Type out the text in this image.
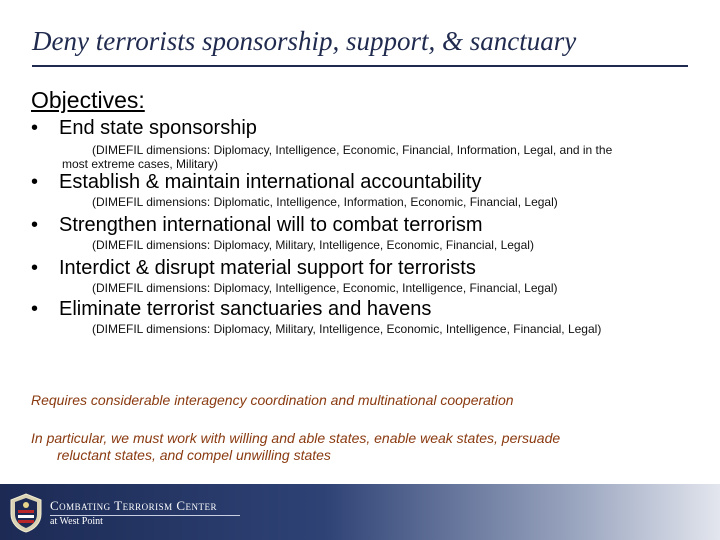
Deny terrorists sponsorship, support, & sanctuary
Objectives:
• End state sponsorship
(DIMEFIL dimensions: Diplomacy, Intelligence, Economic, Financial, Information, Legal, and in the
most extreme cases, Military)
• Establish & maintain international accountability
(DIMEFIL dimensions: Diplomatic, Intelligence, Information, Economic, Financial, Legal)
• Strengthen international will to combat terrorism
(DIMEFIL dimensions: Diplomacy, Military, Intelligence, Economic, Financial, Legal)
• Interdict & disrupt material support for terrorists
(DIMEFIL dimensions: Diplomacy, Intelligence, Economic, Intelligence, Financial, Legal)
• Eliminate terrorist sanctuaries and havens
(DIMEFIL dimensions: Diplomacy, Military, Intelligence, Economic, Intelligence, Financial, Legal)
Requires considerable interagency coordination and multinational cooperation
In particular, we must work with willing and able states, enable weak states, persuade
reluctant states, and compel unwilling states
Combating Terrorism Center
at West Point
